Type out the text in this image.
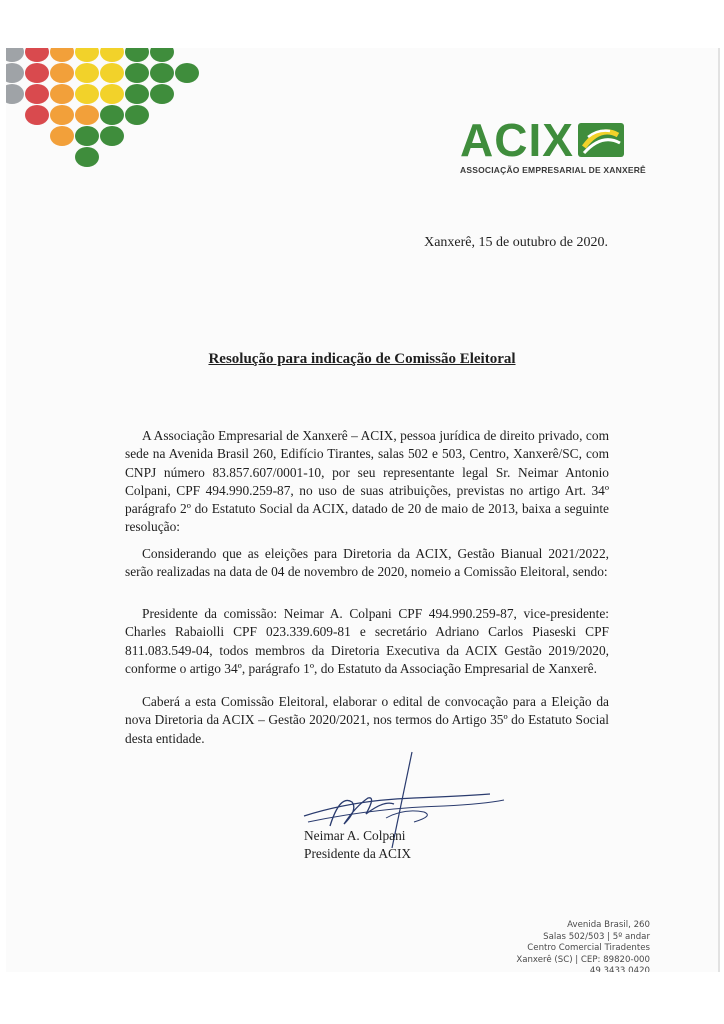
ACIX
ASSOCIAÇÃO EMPRESARIAL DE XANXERÊ
Xanxerê, 15 de outubro de 2020.
Resolução para indicação de Comissão Eleitoral

A Associação Empresarial de Xanxerê – ACIX, pessoa jurídica de direito privado, com sede na Avenida Brasil 260, Edifício Tirantes, salas 502 e 503, Centro, Xanxerê/SC, com CNPJ número 83.857.607/0001-10, por seu representante legal Sr. Neimar Antonio Colpani, CPF 494.990.259-87, no uso de suas atribuições, previstas no artigo Art. 34º parágrafo 2º do Estatuto Social da ACIX, datado de 20 de maio de 2013, baixa a seguinte resolução:

Considerando que as eleições para Diretoria da ACIX, Gestão Bianual 2021/2022, serão realizadas na data de 04 de novembro de 2020, nomeio a Comissão Eleitoral, sendo:

Presidente da comissão: Neimar A. Colpani CPF 494.990.259-87, vice-presidente: Charles Rabaiolli CPF 023.339.609-81 e secretário Adriano Carlos Piaseski CPF 811.083.549-04, todos membros da Diretoria Executiva da ACIX Gestão 2019/2020, conforme o artigo 34º, parágrafo 1º, do Estatuto da Associação Empresarial de Xanxerê.

Caberá a esta Comissão Eleitoral, elaborar o edital de convocação para a Eleição da nova Diretoria da ACIX – Gestão 2020/2021, nos termos do Artigo 35º do Estatuto Social desta entidade.

Neimar A. Colpani
Presidente da ACIX
Avenida Brasil, 260
Salas 502/503 | 5º andar
Centro Comercial Tiradentes
Xanxerê (SC) | CEP: 89820-000
49 3433 0420
